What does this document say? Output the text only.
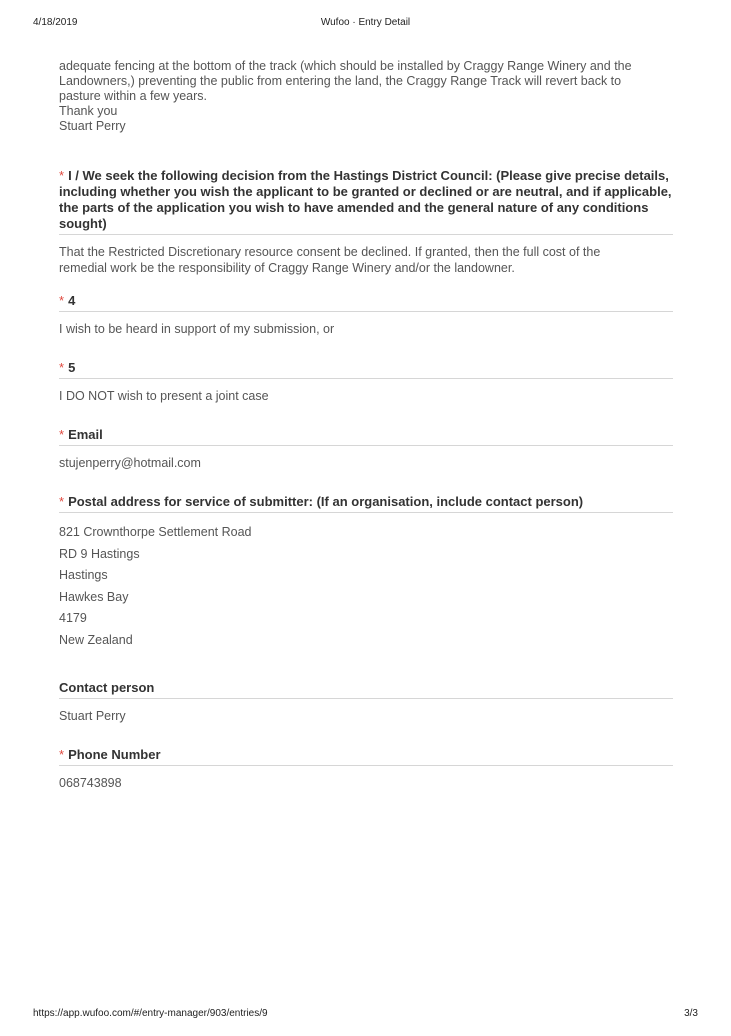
4/18/2019	Wufoo · Entry Detail
adequate fencing at the bottom of the track (which should be installed by Craggy Range Winery and the
Landowners,) preventing the public from entering the land, the Craggy Range Track will revert back to
pasture within a few years.
Thank you
Stuart Perry
* I / We seek the following decision from the Hastings District Council: (Please give precise details,
including whether you wish the applicant to be granted or declined or are neutral, and if applicable,
the parts of the application you wish to have amended and the general nature of any conditions
sought)
That the Restricted Discretionary resource consent be declined. If granted, then the full cost of the
remedial work be the responsibility of Craggy Range Winery and/or the landowner.
* 4
I wish to be heard in support of my submission, or
* 5
I DO NOT wish to present a joint case
* Email
stujenperry@hotmail.com
* Postal address for service of submitter: (If an organisation, include contact person)
821 Crownthorpe Settlement Road
RD 9 Hastings
Hastings
Hawkes Bay
4179
New Zealand
Contact person
Stuart Perry
* Phone Number
068743898
https://app.wufoo.com/#/entry-manager/903/entries/9	3/3
